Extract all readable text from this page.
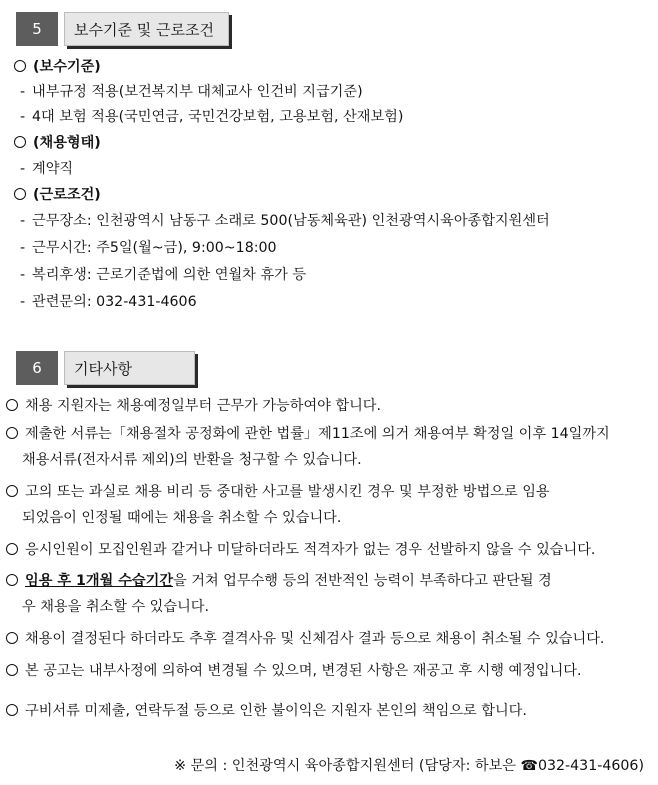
5	보수기준 및 근로조건
(보수기준)
- 내부규정 적용(보건복지부 대체교사 인건비 지급기준)
- 4대 보험 적용(국민연금, 국민건강보험, 고용보험, 산재보험)
(채용형태)
- 계약직
(근로조건)
- 근무장소: 인천광역시 남동구 소래로 500(남동체육관) 인천광역시육아종합지원센터
- 근무시간: 주5일(월~금), 9:00~18:00
- 복리후생: 근로기준법에 의한 연월차 휴가 등
- 관련문의: 032-431-4606
6	기타사항
채용 지원자는 채용예정일부터 근무가 가능하여야 합니다.
제출한 서류는「채용절차 공정화에 관한 법률」제11조에 의거 채용여부 확정일 이후 14일까지
채용서류(전자서류 제외)의 반환을 청구할 수 있습니다.
고의 또는 과실로 채용 비리 등 중대한 사고를 발생시킨 경우 및 부정한 방법으로 임용
되었음이 인정될 때에는 채용을 취소할 수 있습니다.
응시인원이 모집인원과 같거나 미달하더라도 적격자가 없는 경우 선발하지 않을 수 있습니다.
임용 후 1개월 수습기간을 거쳐 업무수행 등의 전반적인 능력이 부족하다고 판단될 경
우 채용을 취소할 수 있습니다.
채용이 결정된다 하더라도 추후 결격사유 및 신체검사 결과 등으로 채용이 취소될 수 있습니다.
본 공고는 내부사정에 의하여 변경될 수 있으며, 변경된 사항은 재공고 후 시행 예정입니다.
구비서류 미제출, 연락두절 등으로 인한 불이익은 지원자 본인의 책임으로 합니다.
※ 문의 : 인천광역시 육아종합지원센터 (담당자: 하보은 ☎032-431-4606)
